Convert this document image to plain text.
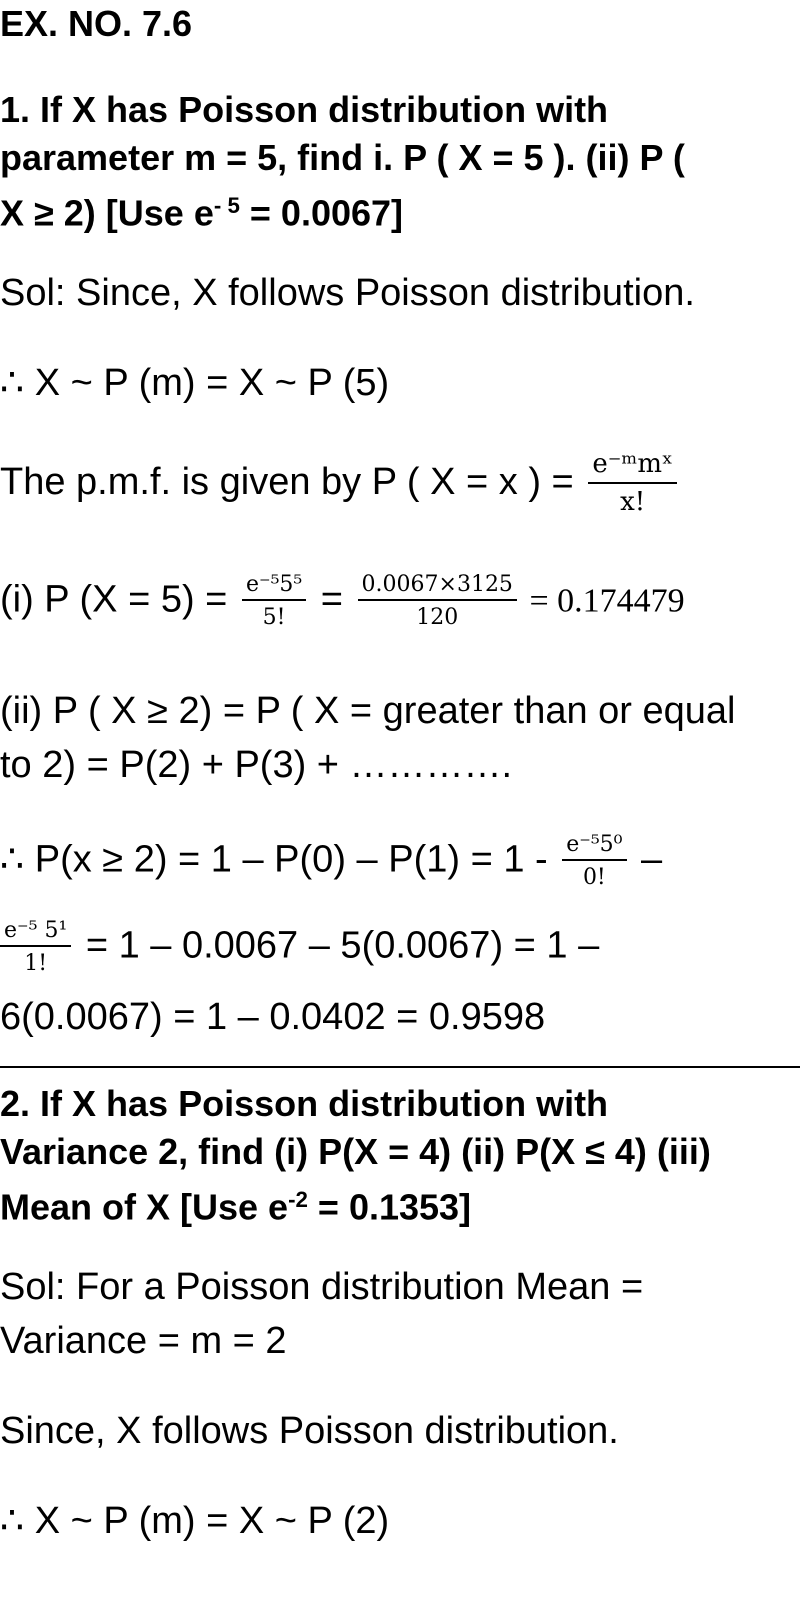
EX. NO. 7.6

1. If X has Poisson distribution with

parameter m = 5, find i. P ( X = 5 ). (ii) P (

X ≥ 2) [Use $e^{- 5} = 0.0067$]

Sol: Since, X follows Poisson distribution.

∴ X ~ P (m) = X ~ P (5)

The p.m.f. is given by P ( X = x ) = $\frac{\text{e⁻ᵐmˣ}}{x!}$
(i) P $(X = 5) = \frac{\text{e⁻⁵5⁵}}{5!} = \frac{0.0067\times 3125}{120} = 0.174479$

(ii) P ( X ≥ 2) = P ( X = greater than or equal

to 2) = P(2) + P(3) + ………….

∴ $P(x \ge 2) = 1 - P(0) - P(1) = 1 - \frac{\text{e⁻⁵5⁰}}{0!}$ –
$\frac{\text{e⁻⁵ 5¹}}{1!} = 1 - 0.0067 - 5(0.0067) = 1$ –

6(0.0067) = 1 – 0.0402 = 0.9598

2. If X has Poisson distribution with

Variance 2, find (i) P(X = 4) (ii) P(X ≤ 4) (iii)

Mean of X [Use $e^{-2} = 0.1353$]

Sol: For a Poisson distribution Mean =

Variance = m = 2

Since, X follows Poisson distribution.

∴ X ~ P (m) = X ~ P (2)
